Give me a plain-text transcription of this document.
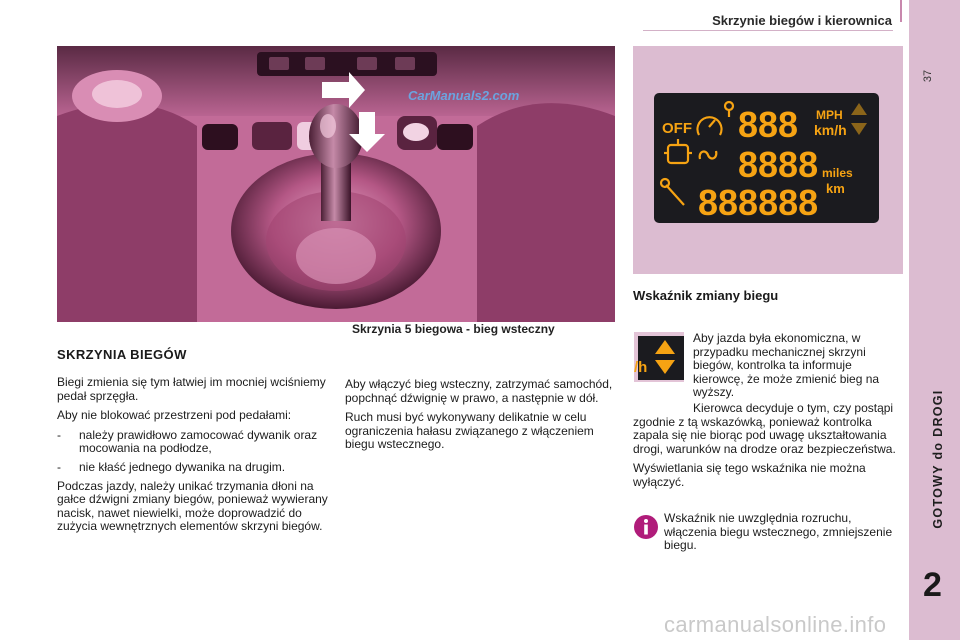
Skrzynie biegów i kierownica
37
GOTOWY do DROGI
2
CarManuals2.com
OFF 888 MPH
km/h
8888 miles
km
888888
Skrzynia 5 biegowa - bieg wsteczny
SKRZYNIA BIEGÓW

Biegi zmienia się tym łatwiej im mocniej wciśniemy pedał sprzęgła.

Aby nie blokować przestrzeni pod pedałami:

-	należy prawidłowo zamocować dywanik oraz mocowania na podłodze,
-	nie kłaść jednego dywanika na drugim.

Podczas jazdy, należy unikać trzymania dłoni na gałce dźwigni zmiany biegów, ponieważ wywierany nacisk, nawet niewielki, może doprowadzić do zużycia wewnętrznych elementów skrzyni biegów.

Aby włączyć bieg wsteczny, zatrzymać samochód, popchnąć dźwignię w prawo, a następnie w dół.

Ruch musi być wykonywany delikatnie w celu ograniczenia hałasu związanego z włączeniem biegu wstecznego.

Wskaźnik zmiany biegu
/h
Aby jazda była ekonomiczna, w przypadku mechanicznej skrzyni biegów, kontrolka ta informuje kierowcę, że może zmienić bieg na wyższy.

Kierowca decyduje o tym, czy postąpi zgodnie z tą wskazówką, ponieważ kontrolka zapala się nie biorąc pod uwagę ukształtowania drogi, warunków na drodze oraz bezpieczeństwa.

Wyświetlania się tego wskaźnika nie można wyłączyć.

Wskaźnik nie uwzględnia rozruchu, włączenia biegu wstecznego, zmniejszenie biegu.
carmanualsonline.info
